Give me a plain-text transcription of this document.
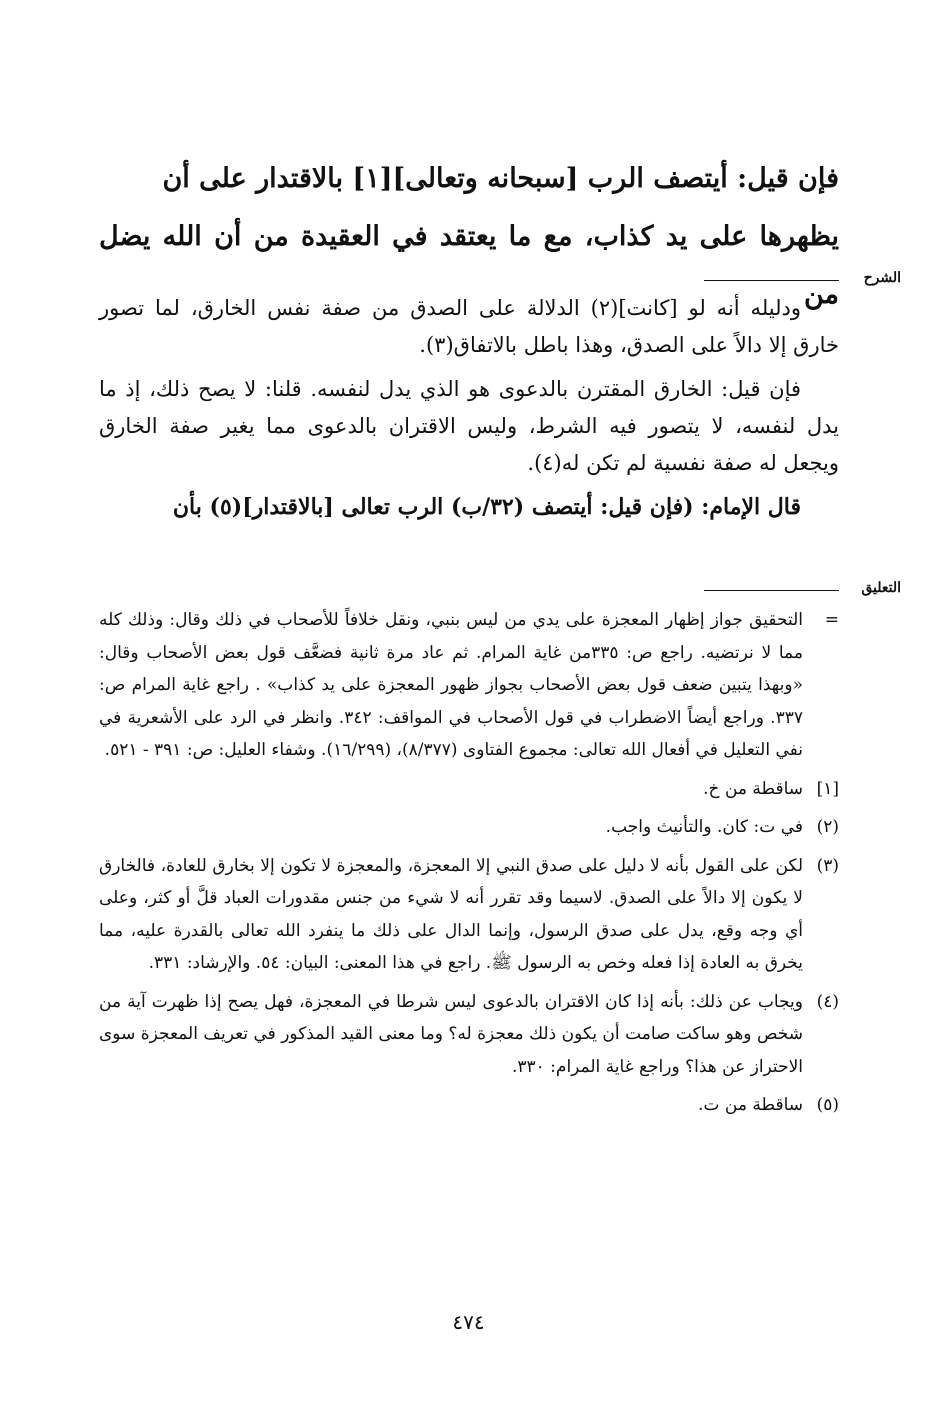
فإن قيل: أيتصف الرب [سبحانه وتعالى][١] بالاقتدار على أن

يظهرها على يد كذاب، مع ما يعتقد في العقيدة من أن الله يضل من

الشرح

ودليله أنه لو [كانت](٢) الدلالة على الصدق من صفة نفس الخارق، لما تصور خارق إلا دالاً على الصدق، وهذا باطل بالاتفاق(٣).

فإن قيل: الخارق المقترن بالدعوى هو الذي يدل لنفسه. قلنا: لا يصح ذلك، إذ ما يدل لنفسه، لا يتصور فيه الشرط، وليس الاقتران بالدعوى مما يغير صفة الخارق ويجعل له صفة نفسية لم تكن له(٤).

قال الإمام: (فإن قيل: أيتصف (٣٢/ب) الرب تعالى [بالاقتدار](٥) بأن

التعليق
=
التحقيق جواز إظهار المعجزة على يدي من ليس بنبي، ونقل خلافاً للأصحاب في ذلك وقال: وذلك كله مما لا نرتضيه. راجع ص: ٣٣٥من غاية المرام. ثم عاد مرة ثانية فضعَّف قول بعض الأصحاب وقال: «وبهذا يتبين ضعف قول بعض الأصحاب بجواز ظهور المعجزة على يد كذاب» . راجع غاية المرام ص: ٣٣٧. وراجع أيضاً الاضطراب في قول الأصحاب في المواقف: ٣٤٢. وانظر في الرد على الأشعرية في نفي التعليل في أفعال الله تعالى: مجموع الفتاوى (٨/٣٧٧)، (١٦/٢٩٩). وشفاء العليل: ص: ٣٩١ - ٥٢١.
[١]
ساقطة من خ.
(٢)
في ت: كان. والتأنيث واجب.
(٣)
لكن على القول بأنه لا دليل على صدق النبي إلا المعجزة، والمعجزة لا تكون إلا بخارق للعادة، فالخارق لا يكون إلا دالاً على الصدق. لاسيما وقد تقرر أنه لا شيء من جنس مقدورات العباد قلَّ أو كثر، وعلى أي وجه وقع، يدل على صدق الرسول، وإنما الدال على ذلك ما ينفرد الله تعالى بالقدرة عليه، مما يخرق به العادة إذا فعله وخص به الرسول ﷺ. راجع في هذا المعنى: البيان: ٥٤. والإرشاد: ٣٣١.
(٤)
ويجاب عن ذلك: بأنه إذا كان الاقتران بالدعوى ليس شرطا في المعجزة، فهل يصح إذا ظهرت آية من شخص وهو ساكت صامت أن يكون ذلك معجزة له؟ وما معنى القيد المذكور في تعريف المعجزة سوى الاحتراز عن هذا؟ وراجع غاية المرام: ٣٣٠.
(٥)
ساقطة من ت.
٤٧٤
